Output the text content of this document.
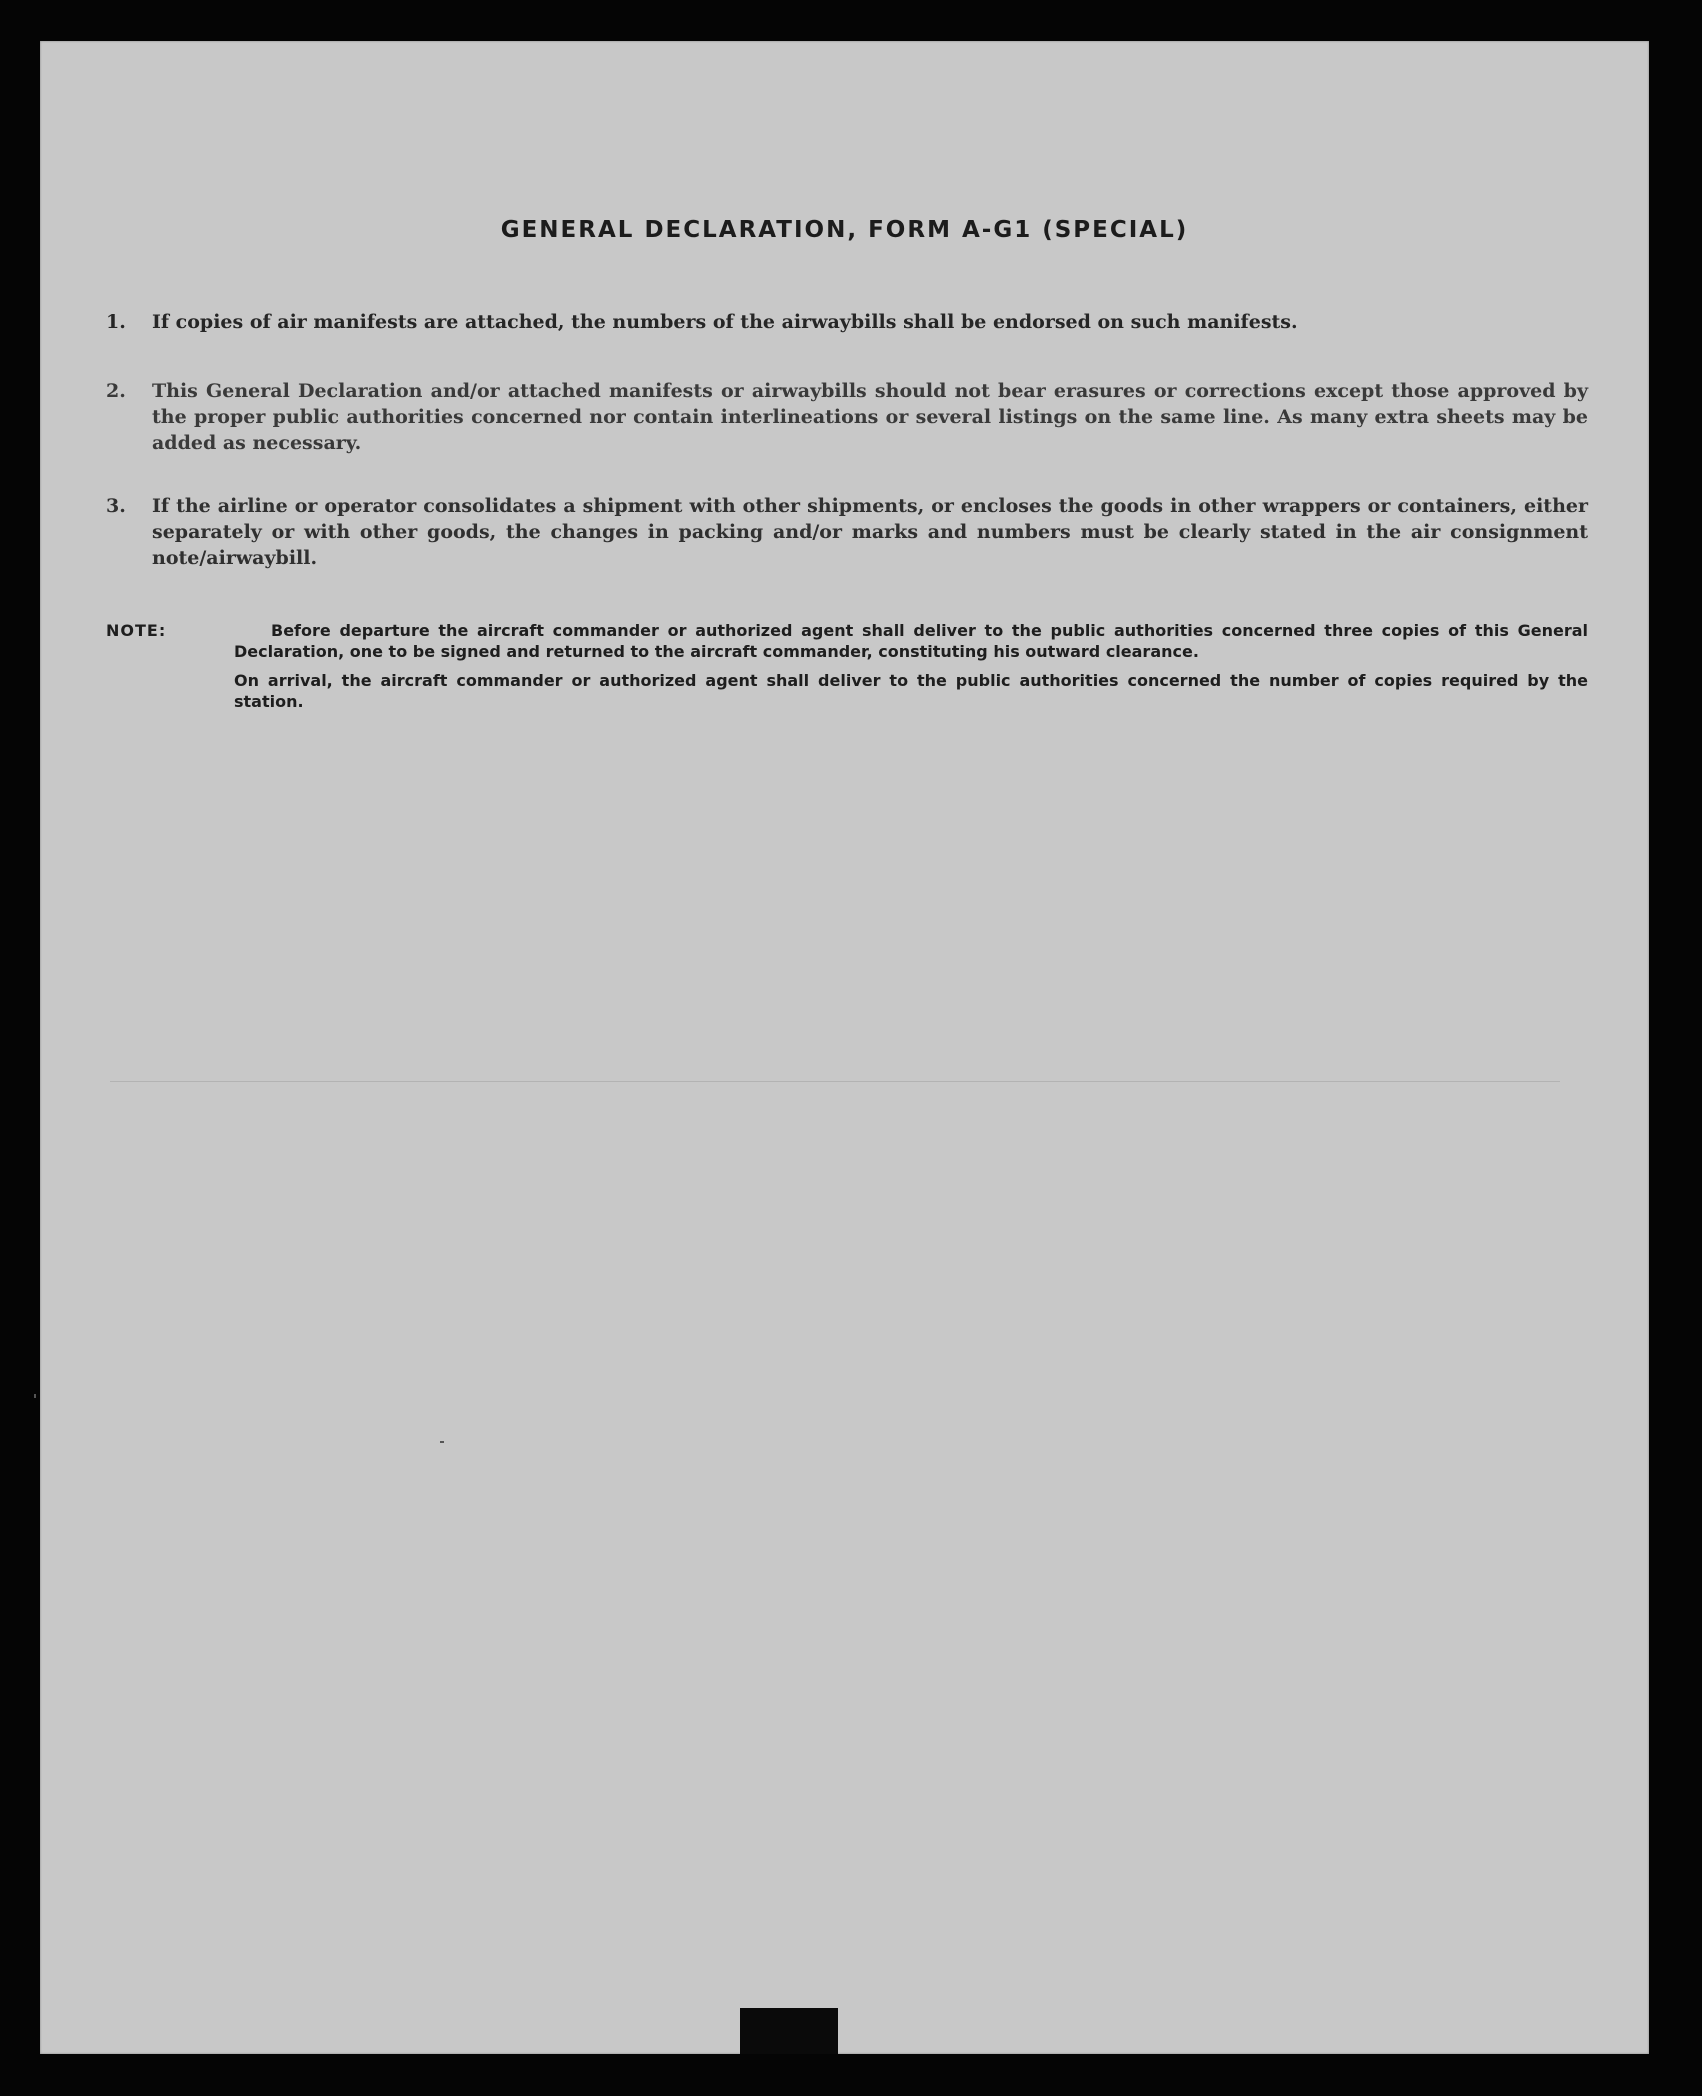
GENERAL DECLARATION, FORM A-G1 (SPECIAL)
1.	If copies of air manifests are attached, the numbers of the airwaybills shall be endorsed on such manifests.
2.	This General Declaration and/or attached manifests or airwaybills should not bear erasures or corrections except those approved by the proper public authorities concerned nor contain interlineations or several listings on the same line. As many extra sheets may be added as necessary.
3.	If the airline or operator consolidates a shipment with other shipments, or encloses the goods in other wrappers or containers, either separately or with other goods, the changes in packing and/or marks and numbers must be clearly stated in the air consignment note/airwaybill.
NOTE:	Before departure the aircraft commander or authorized agent shall deliver to the public authorities concerned three copies of this General Declaration, one to be signed and returned to the aircraft commander, constituting his outward clearance.
On arrival, the aircraft commander or authorized agent shall deliver to the public authorities concerned the number of copies required by the station.
